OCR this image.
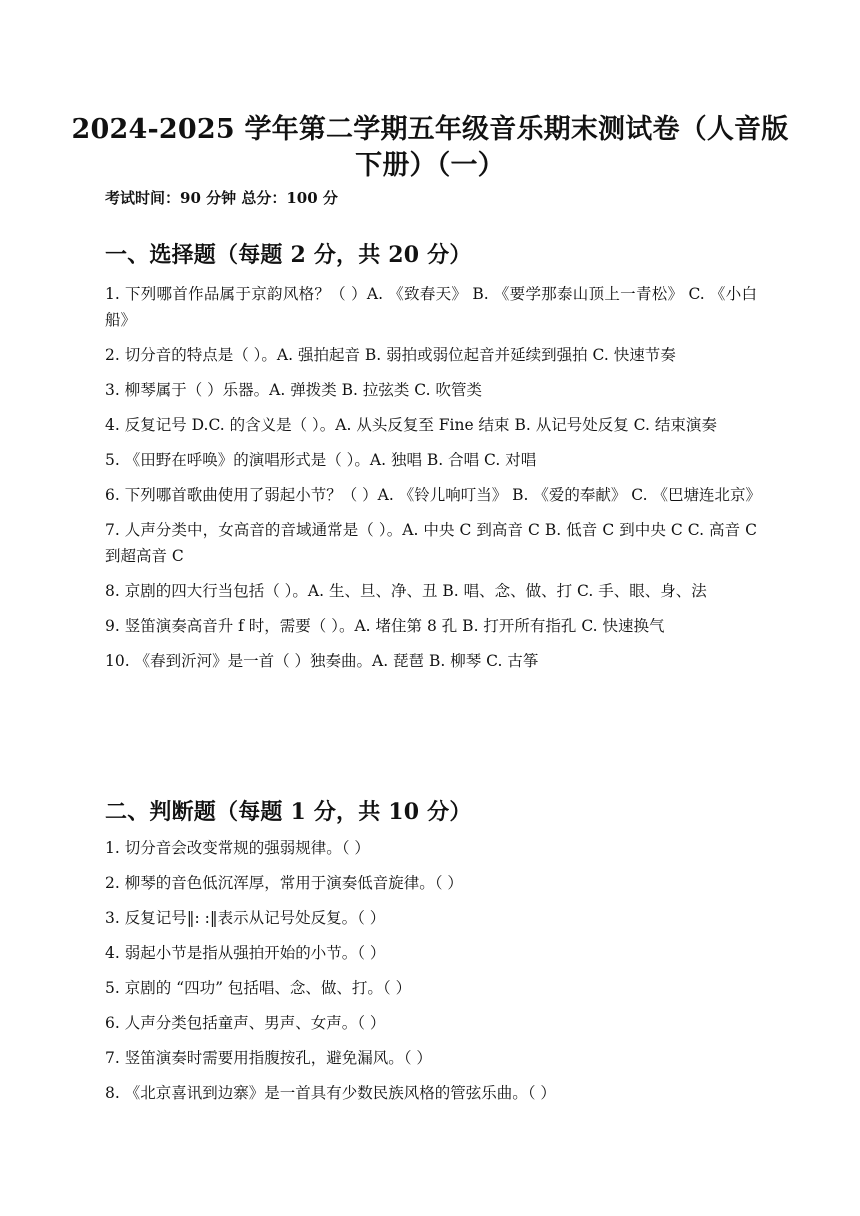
2024-2025 学年第二学期五年级音乐期末测试卷（人音版下册）（一）
考试时间：90 分钟 总分：100 分
一、选择题（每题 2 分，共 20 分）
1. 下列哪首作品属于京韵风格？（ ）A. 《致春天》 B. 《要学那泰山顶上一青松》 C. 《小白船》
2. 切分音的特点是（ ）。A. 强拍起音 B. 弱拍或弱位起音并延续到强拍 C. 快速节奏
3. 柳琴属于（ ）乐器。A. 弹拨类 B. 拉弦类 C. 吹管类
4. 反复记号 D.C. 的含义是（ ）。A. 从头反复至 Fine 结束 B. 从记号处反复 C. 结束演奏
5. 《田野在呼唤》的演唱形式是（ ）。A. 独唱 B. 合唱 C. 对唱
6. 下列哪首歌曲使用了弱起小节？（ ）A. 《铃儿响叮当》 B. 《爱的奉献》 C. 《巴塘连北京》
7. 人声分类中，女高音的音域通常是（ ）。A. 中央 C 到高音 C B. 低音 C 到中央 C C. 高音 C 到超高音 C
8. 京剧的四大行当包括（ ）。A. 生、旦、净、丑 B. 唱、念、做、打 C. 手、眼、身、法
9. 竖笛演奏高音升 f 时，需要（ ）。A. 堵住第 8 孔 B. 打开所有指孔 C. 快速换气
10. 《春到沂河》是一首（ ）独奏曲。A. 琵琶 B. 柳琴 C. 古筝
二、判断题（每题 1 分，共 10 分）
1. 切分音会改变常规的强弱规律。（ ）
2. 柳琴的音色低沉浑厚，常用于演奏低音旋律。（ ）
3. 反复记号‖: :‖表示从记号处反复。（ ）
4. 弱起小节是指从强拍开始的小节。（ ）
5. 京剧的 “四功” 包括唱、念、做、打。（ ）
6. 人声分类包括童声、男声、女声。（ ）
7. 竖笛演奏时需要用指腹按孔，避免漏风。（ ）
8. 《北京喜讯到边寨》是一首具有少数民族风格的管弦乐曲。（ ）
